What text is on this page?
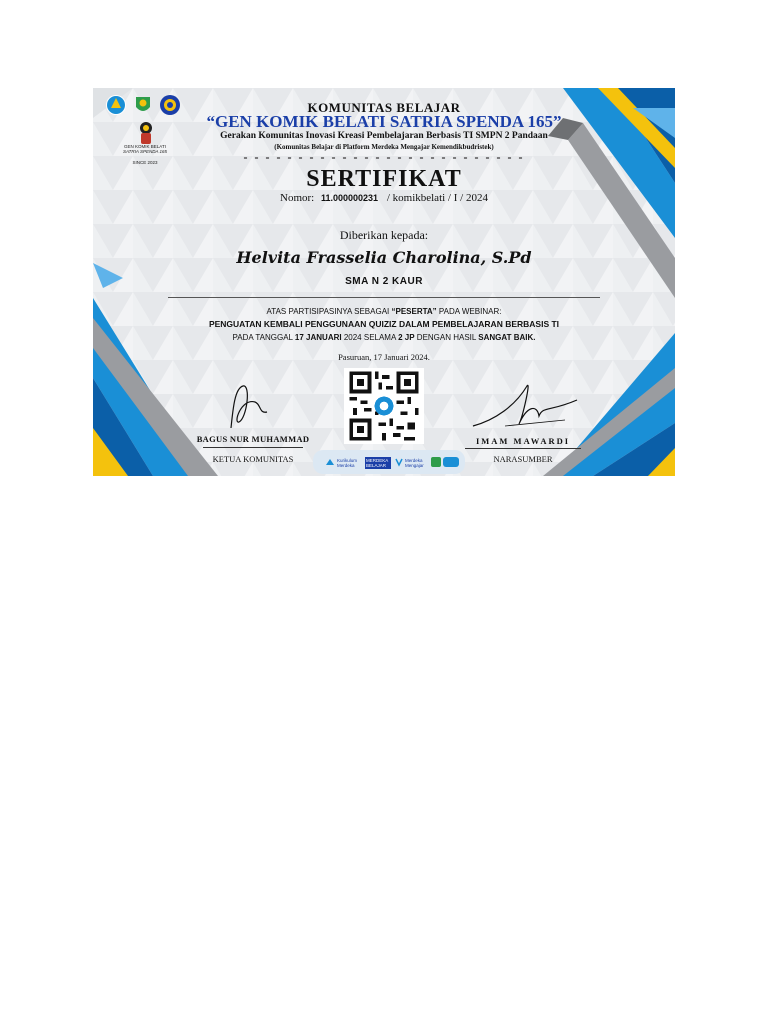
GEN KOMIK BELATI
SATRIA SPENDA 165
SINCE 2023
KOMUNITAS BELAJAR
“GEN KOMIK BELATI SATRIA SPENDA 165”
Gerakan Komunitas Inovasi Kreasi Pembelajaran Berbasis TI SMPN 2 Pandaan
(Komunitas Belajar di Platform Merdeka Mengajar Kemendikbudristek)
- - - - - - - - - - - - - - - - - - - - - - - - - -
SERTIFIKAT
Nomor: 11.000000231 / komikbelati / I / 2024
Diberikan kepada:
Helvita Frasselia Charolina, S.Pd
SMA N 2 KAUR
ATAS PARTISIPASINYA SEBAGAI “PESERTA” PADA WEBINAR:
PENGUATAN KEMBALI PENGGUNAAN QUIZIZ DALAM PEMBELAJARAN BERBASIS TI
PADA TANGGAL 17 JANUARI 2024 SELAMA 2 JP DENGAN HASIL SANGAT BAIK.
Pasuruan, 17 Januari 2024.
BAGUS NUR MUHAMMAD
KETUA KOMUNITAS
IMAM MAWARDI
NARASUMBER
Kurikulum Merdeka
MERDEKA BELAJAR
Merdeka Mengajar
